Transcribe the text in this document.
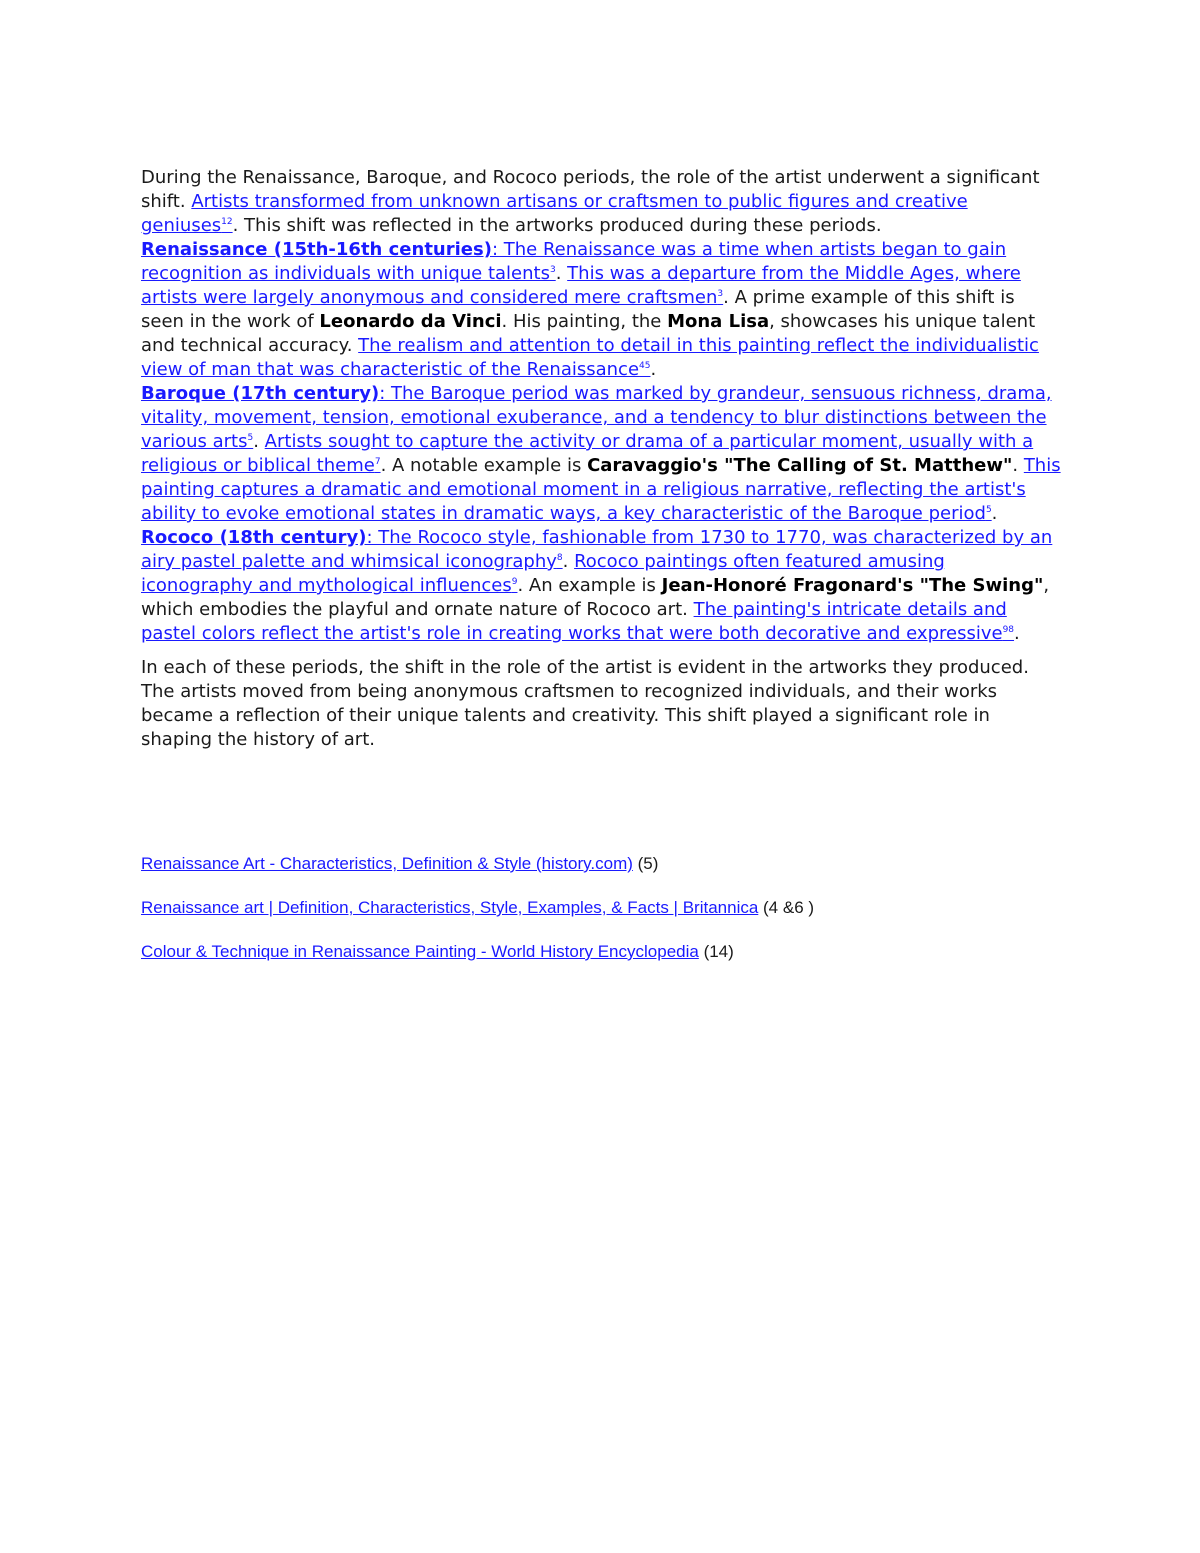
During the Renaissance, Baroque, and Rococo periods, the role of the artist underwent a significant shift. Artists transformed from unknown artisans or craftsmen to public figures and creative geniuses$^{12}$. This shift was reflected in the artworks produced during these periods.

Renaissance (15th-16th centuries): The Renaissance was a time when artists began to gain recognition as individuals with unique talents$^3$. This was a departure from the Middle Ages, where artists were largely anonymous and considered mere craftsmen$^3$. A prime example of this shift is seen in the work of Leonardo da Vinci. His painting, the Mona Lisa, showcases his unique talent and technical accuracy. The realism and attention to detail in this painting reflect the individualistic view of man that was characteristic of the Renaissance$^{45}$.

Baroque (17th century): The Baroque period was marked by grandeur, sensuous richness, drama, vitality, movement, tension, emotional exuberance, and a tendency to blur distinctions between the various arts$^5$. Artists sought to capture the activity or drama of a particular moment, usually with a religious or biblical theme$^7$. A notable example is Caravaggio's "The Calling of St. Matthew". This painting captures a dramatic and emotional moment in a religious narrative, reflecting the artist's ability to evoke emotional states in dramatic ways, a key characteristic of the Baroque period$^5$.

Rococo (18th century): The Rococo style, fashionable from 1730 to 1770, was characterized by an airy pastel palette and whimsical iconography$^8$. Rococo paintings often featured amusing iconography and mythological influences$^9$. An example is Jean-Honoré Fragonard's "The Swing", which embodies the playful and ornate nature of Rococo art. The painting's intricate details and pastel colors reflect the artist's role in creating works that were both decorative and expressive$^{98}$.

In each of these periods, the shift in the role of the artist is evident in the artworks they produced. The artists moved from being anonymous craftsmen to recognized individuals, and their works became a reflection of their unique talents and creativity. This shift played a significant role in shaping the history of art.

Renaissance Art - Characteristics, Definition & Style (history.com) (5)

Renaissance art | Definition, Characteristics, Style, Examples, & Facts | Britannica (4 &6 )

Colour & Technique in Renaissance Painting - World History Encyclopedia (14)
